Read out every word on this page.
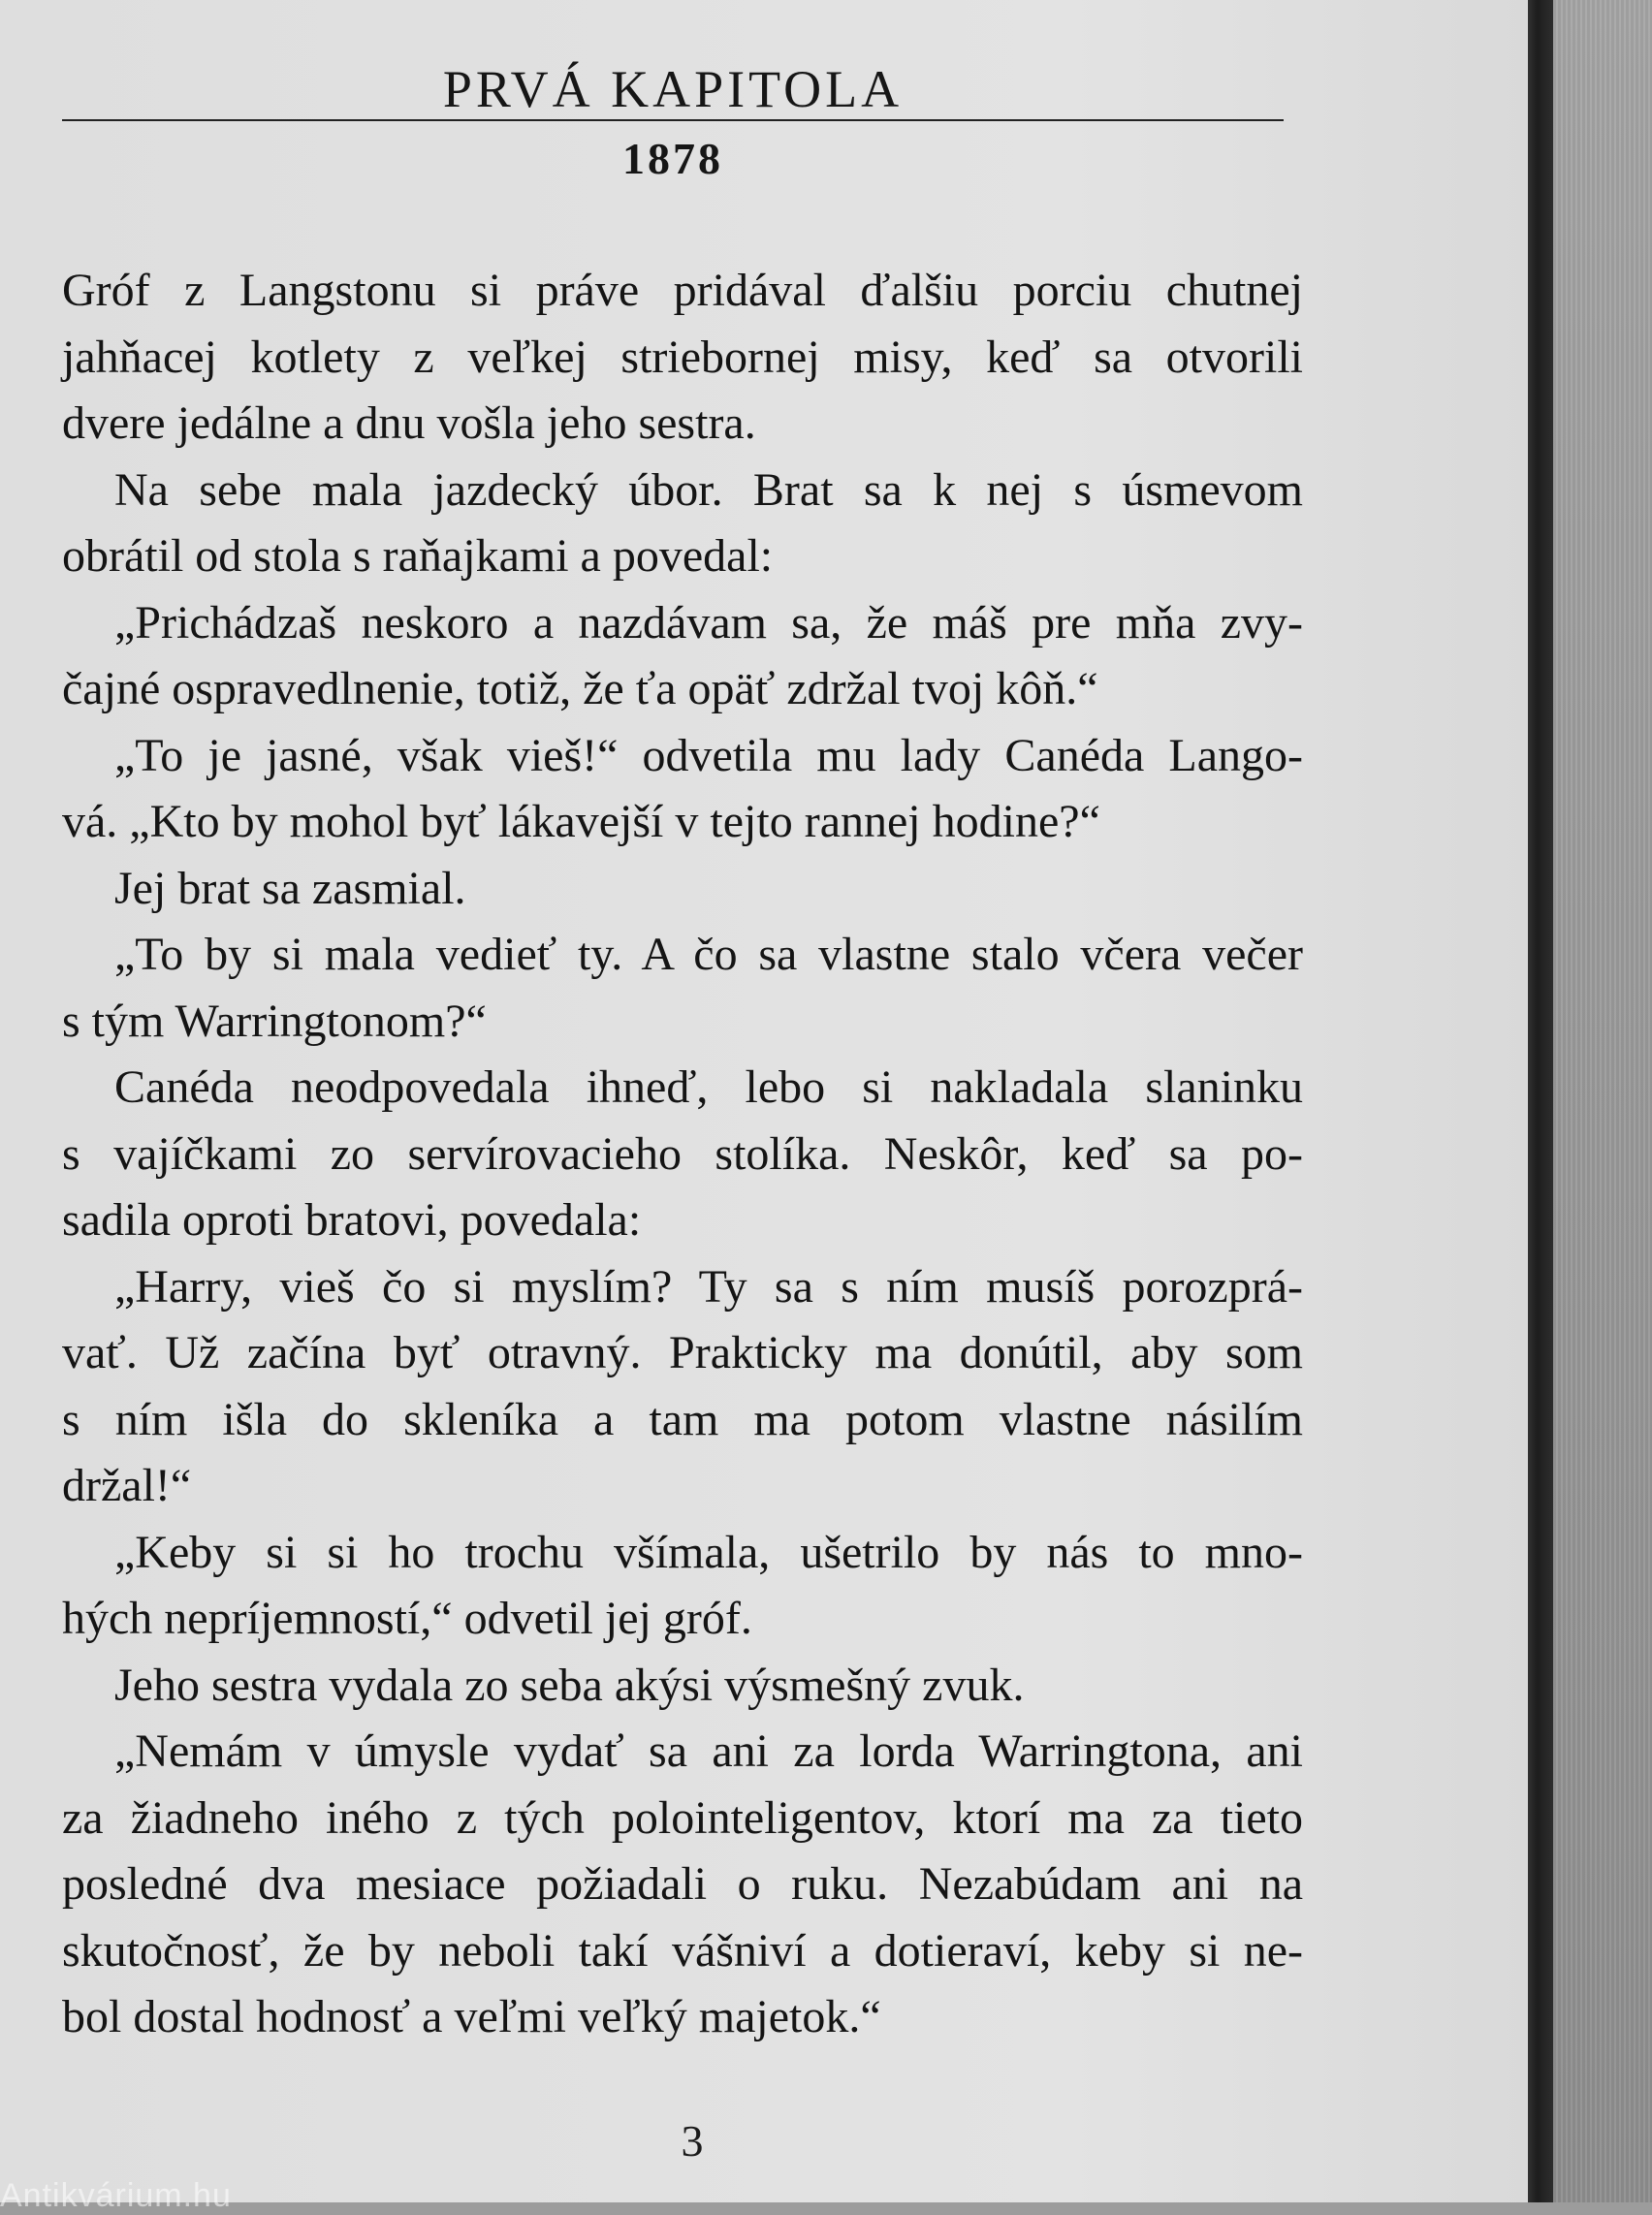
PRVÁ KAPITOLA
1878
Gróf z Langstonu si práve pridával ďalšiu porciu chutnej
jahňacej kotlety z veľkej striebornej misy, keď sa otvorili
dvere jedálne a dnu vošla jeho sestra.
Na sebe mala jazdecký úbor. Brat sa k nej s úsmevom
obrátil od stola s raňajkami a povedal:
„Prichádzaš neskoro a nazdávam sa, že máš pre mňa zvy-
čajné ospravedlnenie, totiž, že ťa opäť zdržal tvoj kôň.“
„To je jasné, však vieš!“ odvetila mu lady Canéda Lango-
vá. „Kto by mohol byť lákavejší v tejto rannej hodine?“
Jej brat sa zasmial.
„To by si mala vedieť ty. A čo sa vlastne stalo včera večer
s tým Warringtonom?“
Canéda neodpovedala ihneď, lebo si nakladala slaninku
s vajíčkami zo servírovacieho stolíka. Neskôr, keď sa po-
sadila oproti bratovi, povedala:
„Harry, vieš čo si myslím? Ty sa s ním musíš porozprá-
vať. Už začína byť otravný. Prakticky ma donútil, aby som
s ním išla do skleníka a tam ma potom vlastne násilím
držal!“
„Keby si si ho trochu všímala, ušetrilo by nás to mno-
hých nepríjemností,“ odvetil jej gróf.
Jeho sestra vydala zo seba akýsi výsmešný zvuk.
„Nemám v úmysle vydať sa ani za lorda Warringtona, ani
za žiadneho iného z tých polointeligentov, ktorí ma za tieto
posledné dva mesiace požiadali o ruku. Nezabúdam ani na
skutočnosť, že by neboli takí vášniví a dotieraví, keby si ne-
bol dostal hodnosť a veľmi veľký majetok.“
3
Antikvárium.hu
